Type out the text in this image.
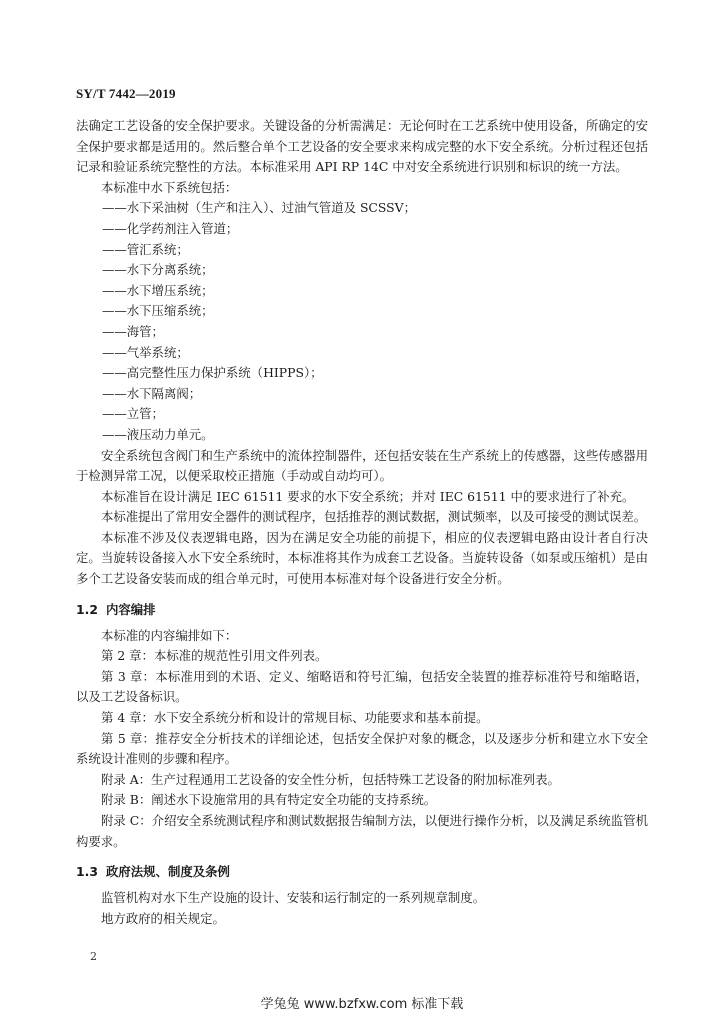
SY/T 7442—2019

法确定工艺设备的安全保护要求。关键设备的分析需满足：无论何时在工艺系统中使用设备，所确定的安全保护要求都是适用的。然后整合单个工艺设备的安全要求来构成完整的水下安全系统。分析过程还包括记录和验证系统完整性的方法。本标准采用 API RP 14C 中对安全系统进行识别和标识的统一方法。

本标准中水下系统包括：

——水下采油树（生产和注入）、过油气管道及 SCSSV；

——化学药剂注入管道；

——管汇系统；

——水下分离系统；

——水下增压系统；

——水下压缩系统；

——海管；

——气举系统；

——高完整性压力保护系统（HIPPS）；

——水下隔离阀；

——立管；

——液压动力单元。

安全系统包含阀门和生产系统中的流体控制器件，还包括安装在生产系统上的传感器，这些传感器用于检测异常工况，以便采取校正措施（手动或自动均可）。

本标准旨在设计满足 IEC 61511 要求的水下安全系统；并对 IEC 61511 中的要求进行了补充。

本标准提出了常用安全器件的测试程序，包括推荐的测试数据，测试频率，以及可接受的测试误差。

本标准不涉及仪表逻辑电路，因为在满足安全功能的前提下，相应的仪表逻辑电路由设计者自行决定。当旋转设备接入水下安全系统时，本标准将其作为成套工艺设备。当旋转设备（如泵或压缩机）是由多个工艺设备安装而成的组合单元时，可使用本标准对每个设备进行安全分析。

1.2 内容编排

本标准的内容编排如下：

第 2 章：本标准的规范性引用文件列表。

第 3 章：本标准用到的术语、定义、缩略语和符号汇编，包括安全装置的推荐标准符号和缩略语，以及工艺设备标识。

第 4 章：水下安全系统分析和设计的常规目标、功能要求和基本前提。

第 5 章：推荐安全分析技术的详细论述，包括安全保护对象的概念，以及逐步分析和建立水下安全系统设计准则的步骤和程序。

附录 A：生产过程通用工艺设备的安全性分析，包括特殊工艺设备的附加标准列表。

附录 B：阐述水下设施常用的具有特定安全功能的支持系统。

附录 C：介绍安全系统测试程序和测试数据报告编制方法，以便进行操作分析，以及满足系统监管机构要求。

1.3 政府法规、制度及条例

监管机构对水下生产设施的设计、安装和运行制定的一系列规章制度。

地方政府的相关规定。

2
学兔兔 www.bzfxw.com 标准下载
